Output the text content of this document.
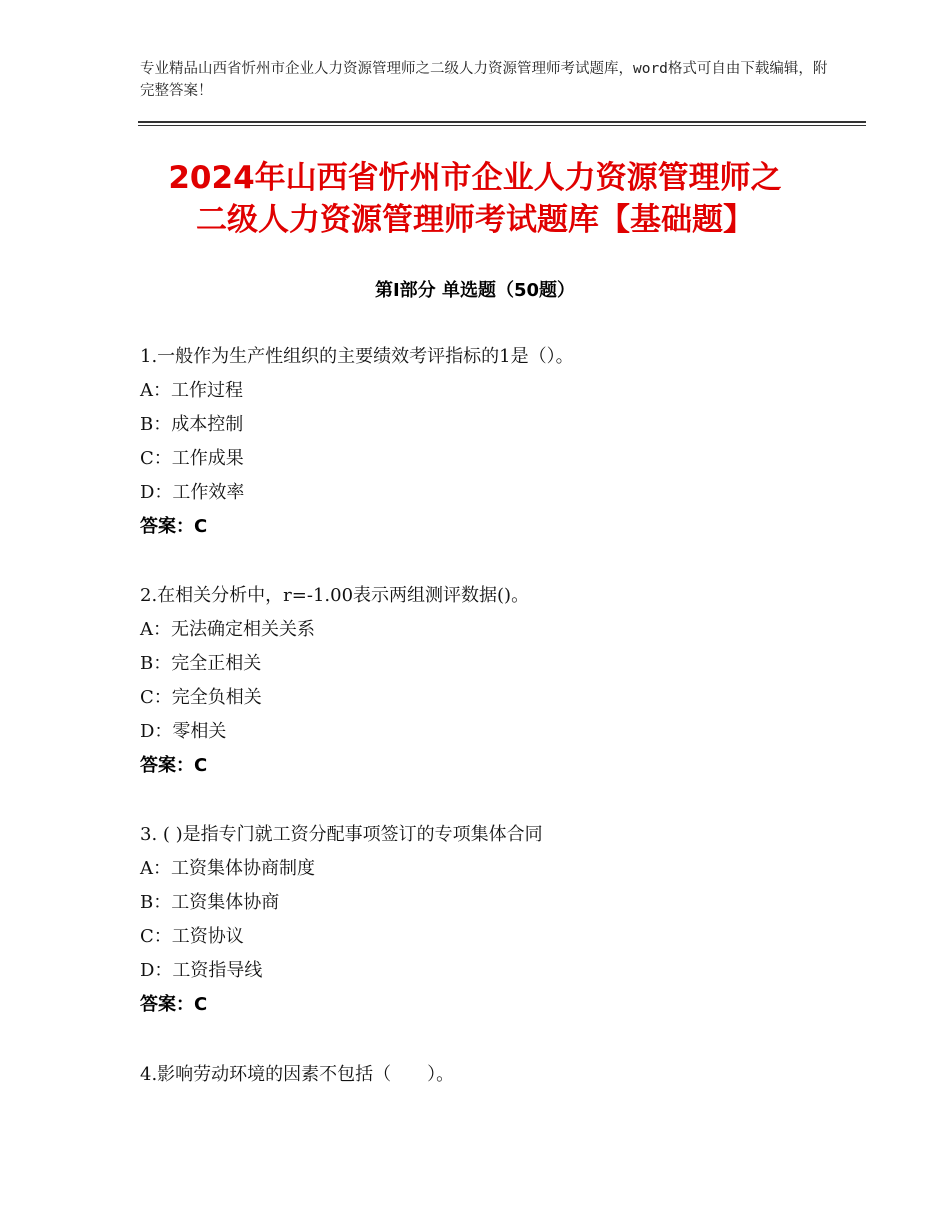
专业精品山西省忻州市企业人力资源管理师之二级人力资源管理师考试题库，word格式可自由下载编辑，附完整答案！
2024年山西省忻州市企业人力资源管理师之
二级人力资源管理师考试题库【基础题】
第Ⅰ部分 单选题（50题）
1.一般作为生产性组织的主要绩效考评指标的1是（）。
A：工作过程
B：成本控制
C：工作成果
D：工作效率
答案：C
2.在相关分析中，r=-1.00表示两组测评数据()。
A：无法确定相关关系
B：完全正相关
C：完全负相关
D：零相关
答案：C
3. ( )是指专门就工资分配事项签订的专项集体合同
A：工资集体协商制度
B：工资集体协商
C：工资协议
D：工资指导线
答案：C
4.影响劳动环境的因素不包括（　　）。
